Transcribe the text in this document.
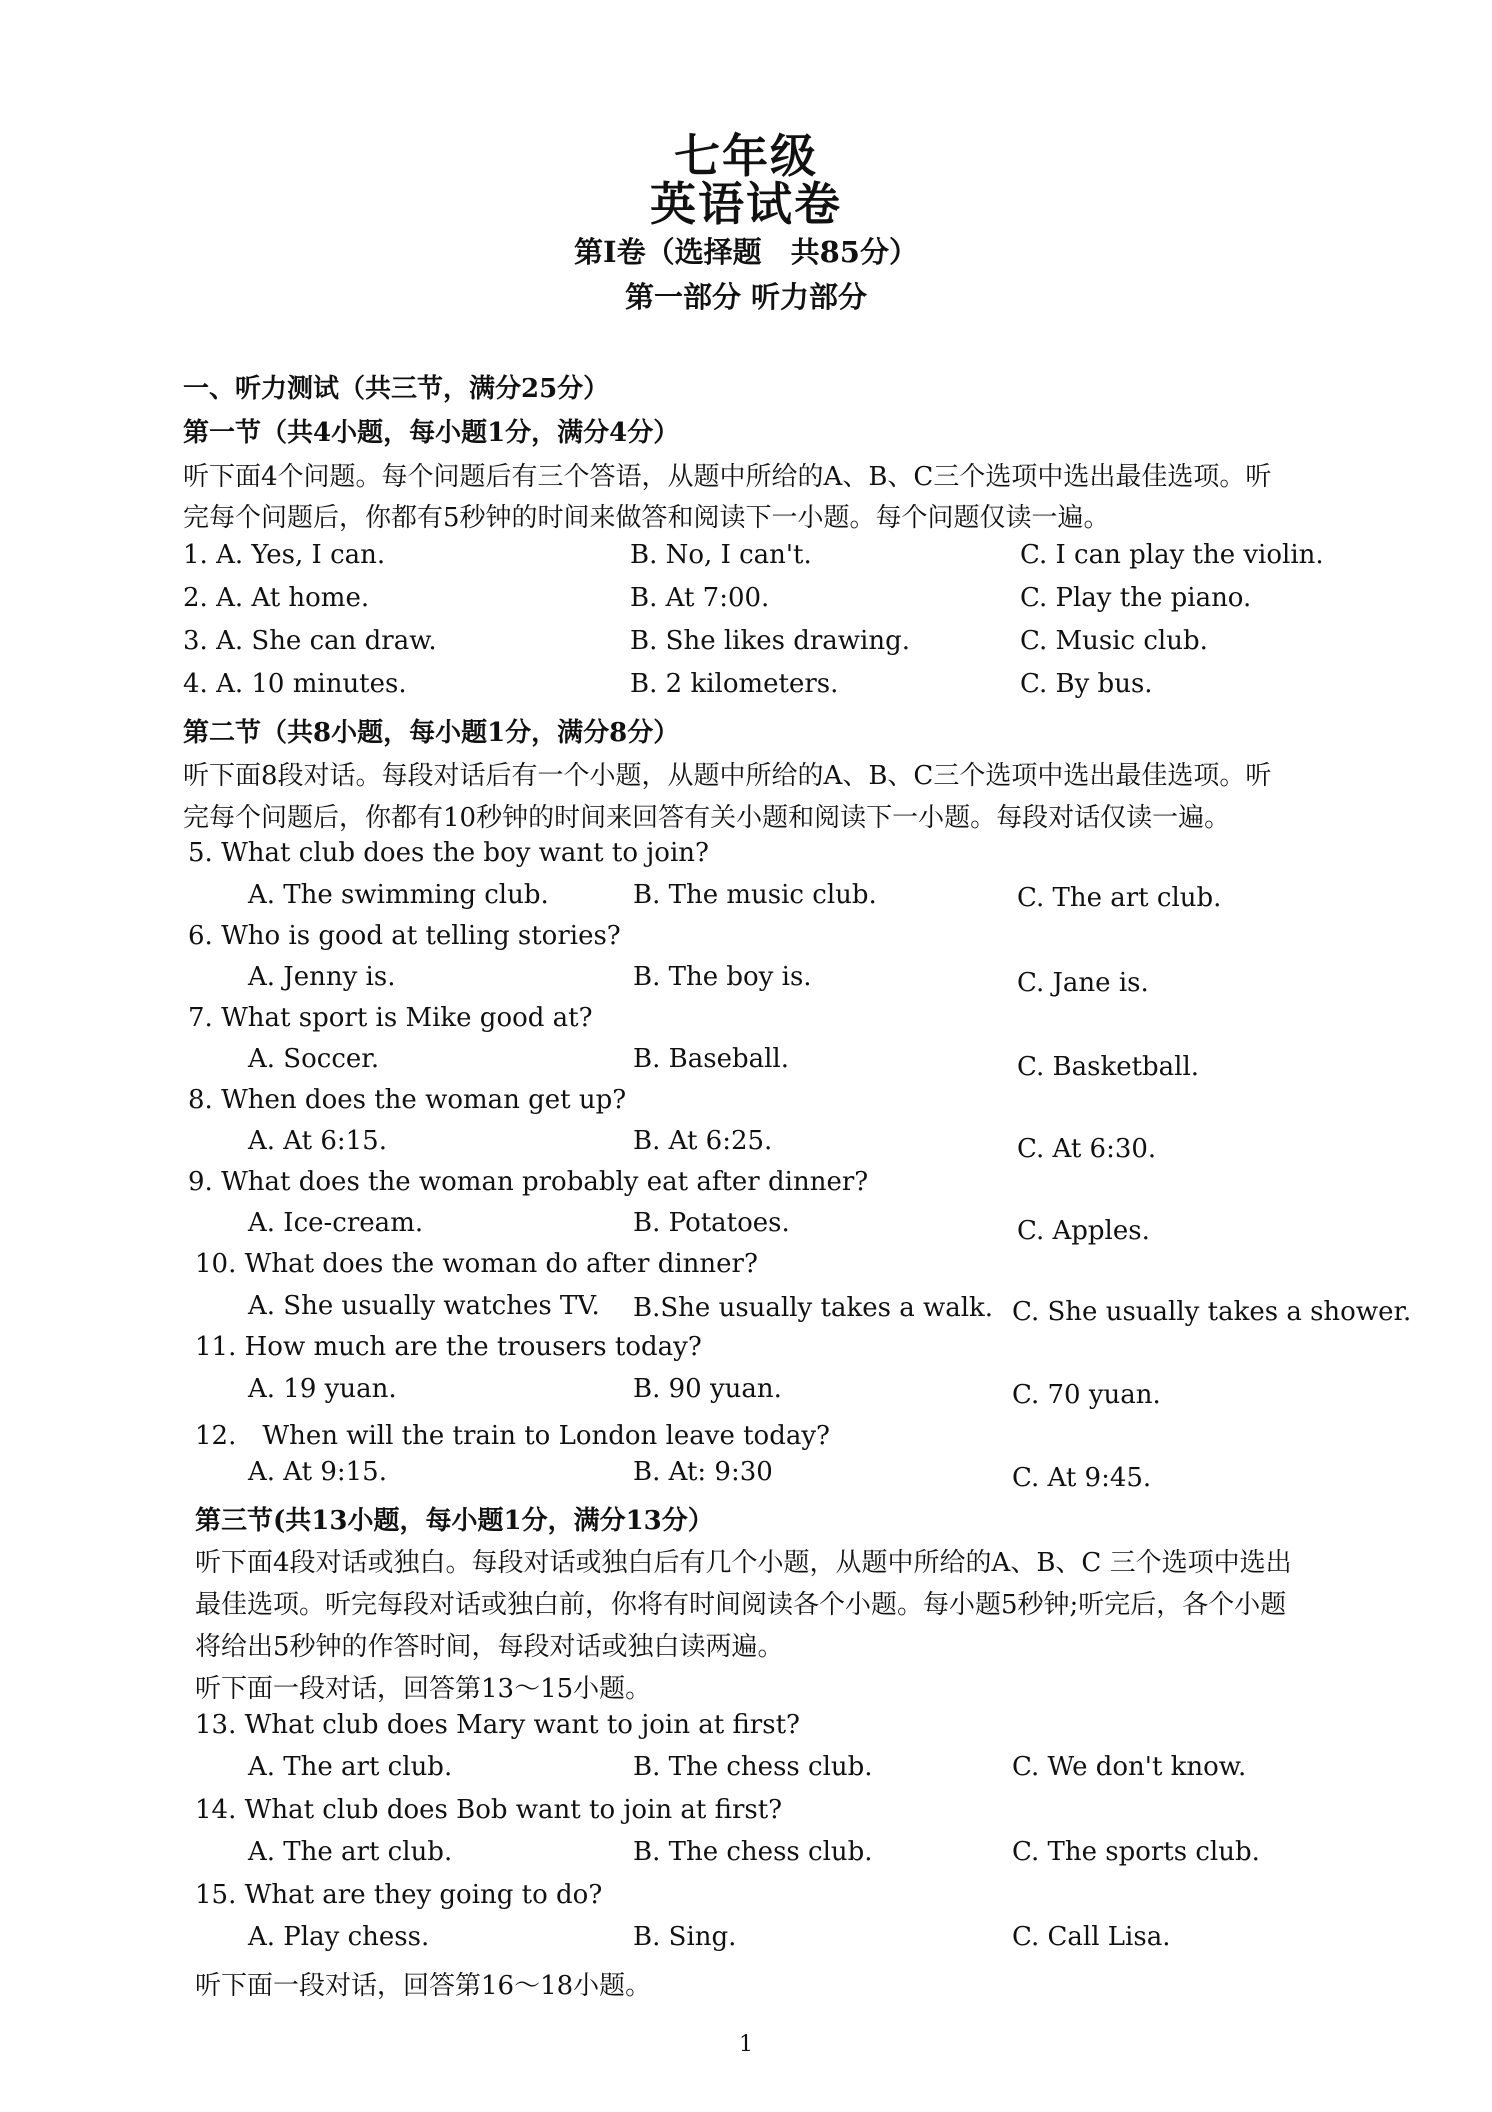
七年级
英语试卷
第Ⅰ卷（选择题　共85分）
第一部分 听力部分
一、听力测试（共三节，满分25分）
第一节（共4小题，每小题1分，满分4分）
听下面4个问题。每个问题后有三个答语，从题中所给的A、B、C三个选项中选出最佳选项。听
完每个问题后，你都有5秒钟的时间来做答和阅读下一小题。每个问题仅读一遍。
1. A. Yes, I can.	B. No, I can't.	C. I can play the violin.
2. A. At home.	B. At 7:00.	C. Play the piano.
3. A. She can draw.	B. She likes drawing.	C. Music club.
4. A. 10 minutes.	B. 2 kilometers.	C. By bus.
第二节（共8小题，每小题1分，满分8分）
听下面8段对话。每段对话后有一个小题，从题中所给的A、B、C三个选项中选出最佳选项。听
完每个问题后，你都有10秒钟的时间来回答有关小题和阅读下一小题。每段对话仅读一遍。
5. What club does the boy want to join?
A. The swimming club.	B. The music club.	C. The art club.
6. Who is good at telling stories?
A. Jenny is.	B. The boy is.	C. Jane is.
7. What sport is Mike good at?
A. Soccer.	B. Baseball.	C. Basketball.
8. When does the woman get up?
A. At 6:15.	B. At 6:25.	C. At 6:30.
9. What does the woman probably eat after dinner?
A. Ice-cream.	B. Potatoes.	C. Apples.
10. What does the woman do after dinner?
A. She usually watches TV. B.She usually takes a walk. C. She usually takes a shower.
11. How much are the trousers today?
A. 19 yuan.	B. 90 yuan.	C. 70 yuan.
12.　When will the train to London leave today?
A. At 9:15.	B. At: 9:30	C. At 9:45.
第三节(共13小题，每小题1分，满分13分）
听下面4段对话或独白。每段对话或独白后有几个小题，从题中所给的A、B、C 三个选项中选出
最佳选项。听完每段对话或独白前，你将有时间阅读各个小题。每小题5秒钟;听完后，各个小题
将给出5秒钟的作答时间，每段对话或独白读两遍。
听下面一段对话，回答第13～15小题。
13. What club does Mary want to join at first?
A. The art club.	B. The chess club.	C. We don't know.
14. What club does Bob want to join at first?
A. The art club.	B. The chess club.	C. The sports club.
15. What are they going to do?
A. Play chess.	B. Sing.	C. Call Lisa.
听下面一段对话，回答第16～18小题。
1
